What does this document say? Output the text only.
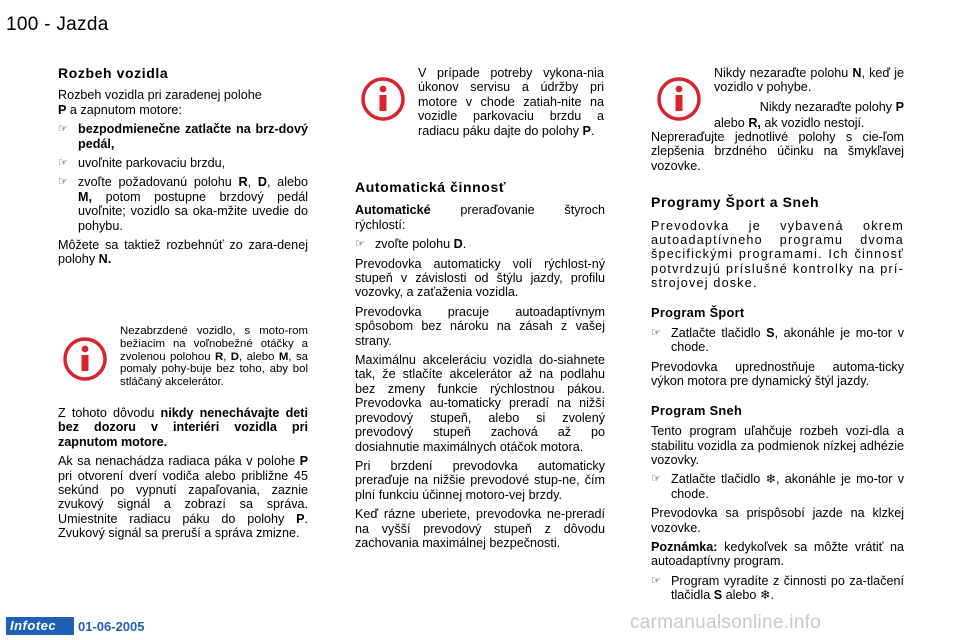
100 - Jazda
Rozbeh vozidla

Rozbeh vozidla pri zaradenej polohe
P a zapnutom motore:

☞ bezpodmienečne zatlačte na brz-dový pedál,
☞ uvoľnite parkovaciu brzdu,
☞ zvoľte požadovanú polohu R, D, alebo M, potom postupne brzdový pedál uvoľnite; vozidlo sa oka-mžite uvedie do pohybu.

Môžete sa taktiež rozbehnúť zo zara-denej polohy N.

Nezabrzdené vozidlo, s moto-rom bežiacim na voľnobežné otáčky a zvolenou polohou R, D, alebo M, sa pomaly pohy-buje bez toho, aby bol stláčaný akcelerátor.

Z tohoto dôvodu nikdy nenechávajte deti bez dozoru v interiéri vozidla pri zapnutom motore.

Ak sa nenachádza radiaca páka v polohe P pri otvorení dverí vodiča alebo približne 45 sekúnd po vypnutí zapaľovania, zaznie zvukový signál a zobrazí sa správa. Umiestnite radiacu páku do polohy P. Zvukový signál sa preruší a správa zmizne.

V prípade potreby vykona-nia úkonov servisu a údržby pri motore v chode zatiah-nite na vozidle parkovaciu brzdu a radiacu páku dajte do polohy P.

Automatická činnosť

Automatické preraďovanie štyroch rýchlostí:

☞ zvoľte polohu D.

Prevodovka automaticky volí rýchlost-ný stupeň v závislosti od štýlu jazdy, profilu vozovky, a zaťaženia vozidla.

Prevodovka pracuje autoadaptívnym spôsobom bez nároku na zásah z vašej strany.

Maximálnu akceleráciu vozidla do-siahnete tak, že stlačíte akcelerátor až na podlahu bez zmeny funkcie rýchlostnou pákou. Prevodovka au-tomaticky preradí na nižší prevodový stupeň, alebo si zvolený prevodový stupeň zachová až po dosiahnutie maximálnych otáčok motora.

Pri brzdení prevodovka automaticky preraďuje na nižšie prevodové stup-ne, čím plní funkciu účinnej motoro-vej brzdy.

Keď rázne uberiete, prevodovka ne-preradí na vyšší prevodový stupeň z dôvodu zachovania maximálnej bezpečnosti.

Nikdy nezaraďte polohu N, keď je vozidlo v pohybe.

Nikdy nezaraďte polohy P

alebo R, ak vozidlo nestojí.

Nepreraďujte jednotlivé polohy s cie-ľom zlepšenia brzdného účinku na šmykľavej vozovke.

Programy Šport a Sneh

Prevodovka je vybavená okrem autoadaptívneho programu dvoma špecifickými programami. Ich činnosť potvrdzujú príslušné kontrolky na prí-strojovej doske.

Program Šport
☞ Zatlačte tlačidlo S, akonáhle je mo-tor v chode.

Prevodovka uprednostňuje automa-ticky výkon motora pre dynamický štýl jazdy.

Program Sneh

Tento program uľahčuje rozbeh vozi-dla a stabilitu vozidla za podmienok nízkej adhézie vozovky.

☞ Zatlačte tlačidlo ❄, akonáhle je mo-tor v chode.

Prevodovka sa prispôsobí jazde na klzkej vozovke.

Poznámka: kedykoľvek sa môžte vrátiť na autoadaptívny program.

☞ Program vyradíte z činnosti po za-tlačení tlačidla S alebo ❄.
Infotec	01-06-2005	carmanualsonline.info
